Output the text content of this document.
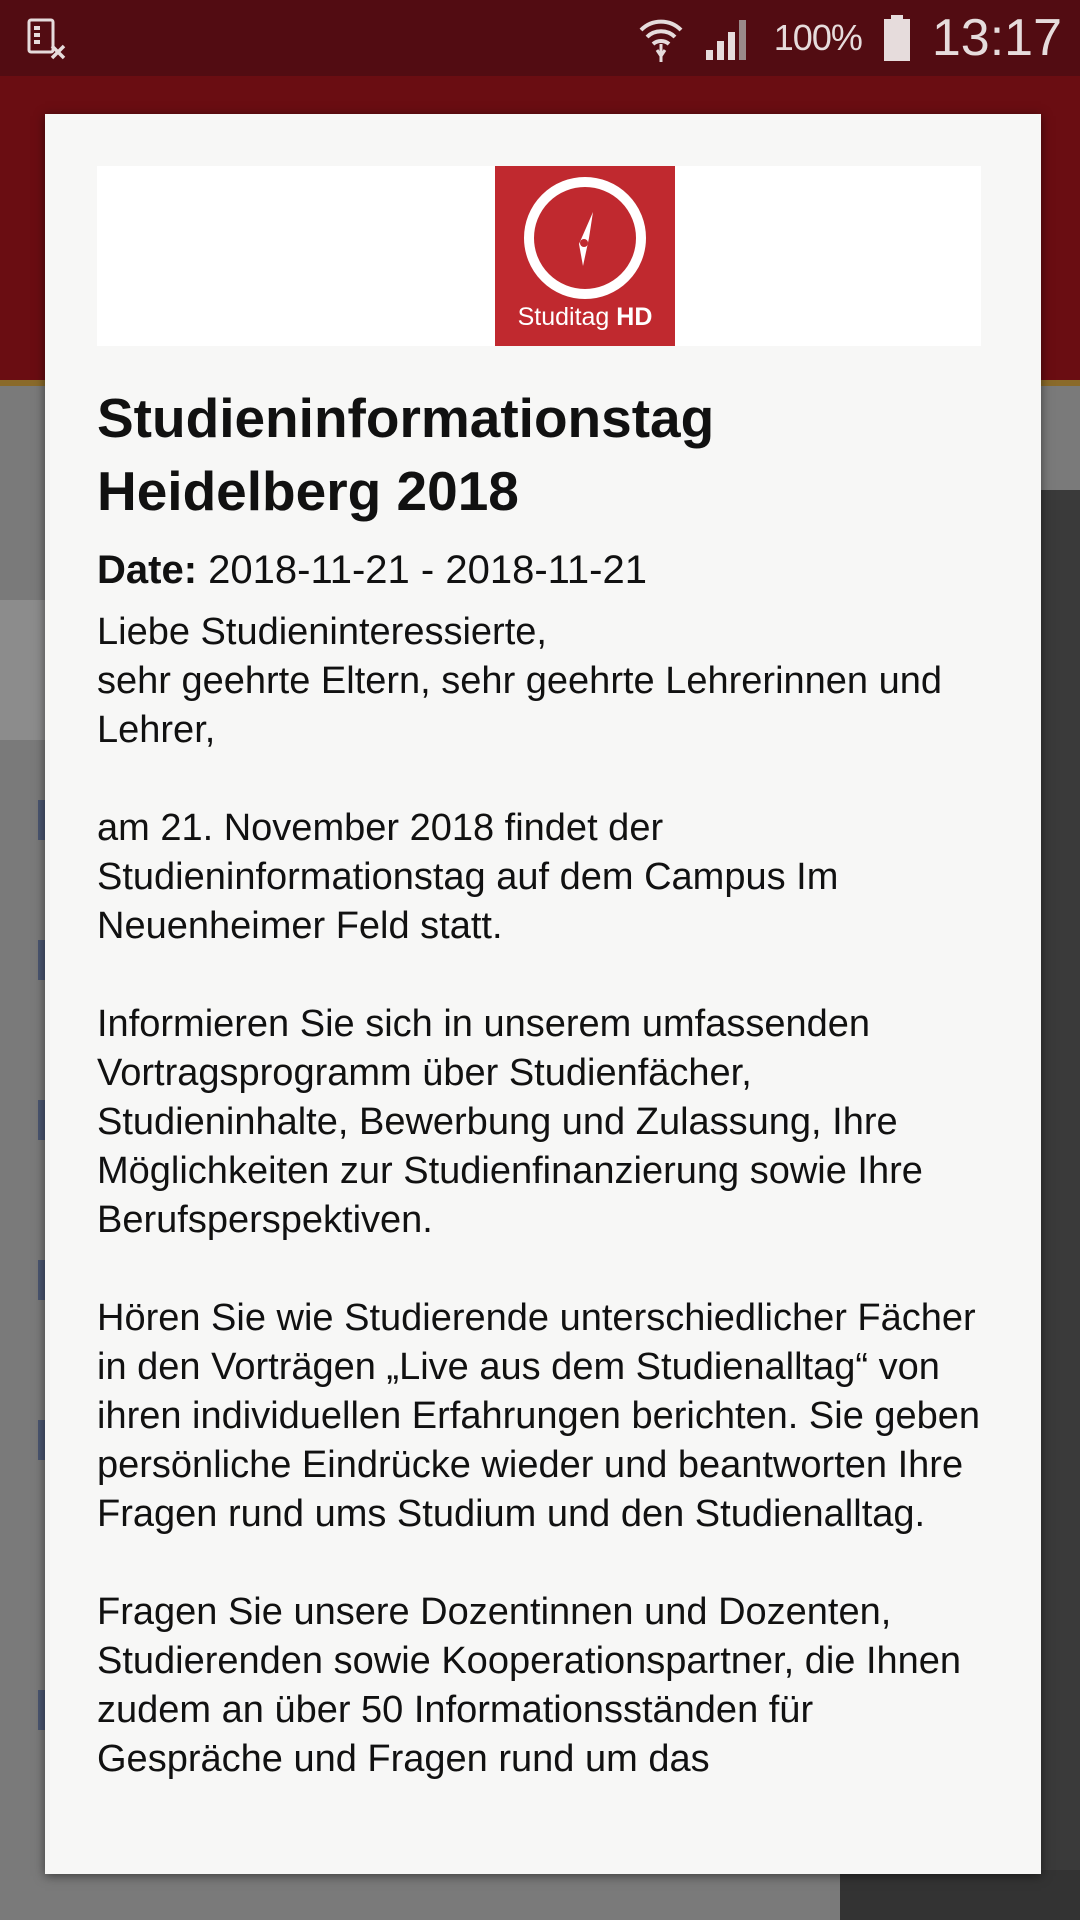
100% 13:17
Studitag HD
Studieninformationstag
Heidelberg 2018
Date: 2018-11-21 - 2018-11-21

Liebe Studieninteressierte,
sehr geehrte Eltern, sehr geehrte Lehrerinnen und Lehrer,

am 21. November 2018 findet der Studieninformationstag auf dem Campus Im Neuenheimer Feld statt.

Informieren Sie sich in unserem umfassenden Vortragsprogramm über Studienfächer, Studieninhalte, Bewerbung und Zulassung, Ihre Möglichkeiten zur Studienfinanzierung sowie Ihre Berufsperspektiven.

Hören Sie wie Studierende unterschiedlicher Fächer in den Vorträgen „Live aus dem Studienalltag“ von ihren individuellen Erfahrungen berichten. Sie geben persönliche Eindrücke wieder und beantworten Ihre Fragen rund ums Studium und den Studienalltag.

Fragen Sie unsere Dozentinnen und Dozenten, Studierenden sowie Kooperationspartner, die Ihnen zudem an über 50 Informationsständen für Gespräche und Fragen rund um das
